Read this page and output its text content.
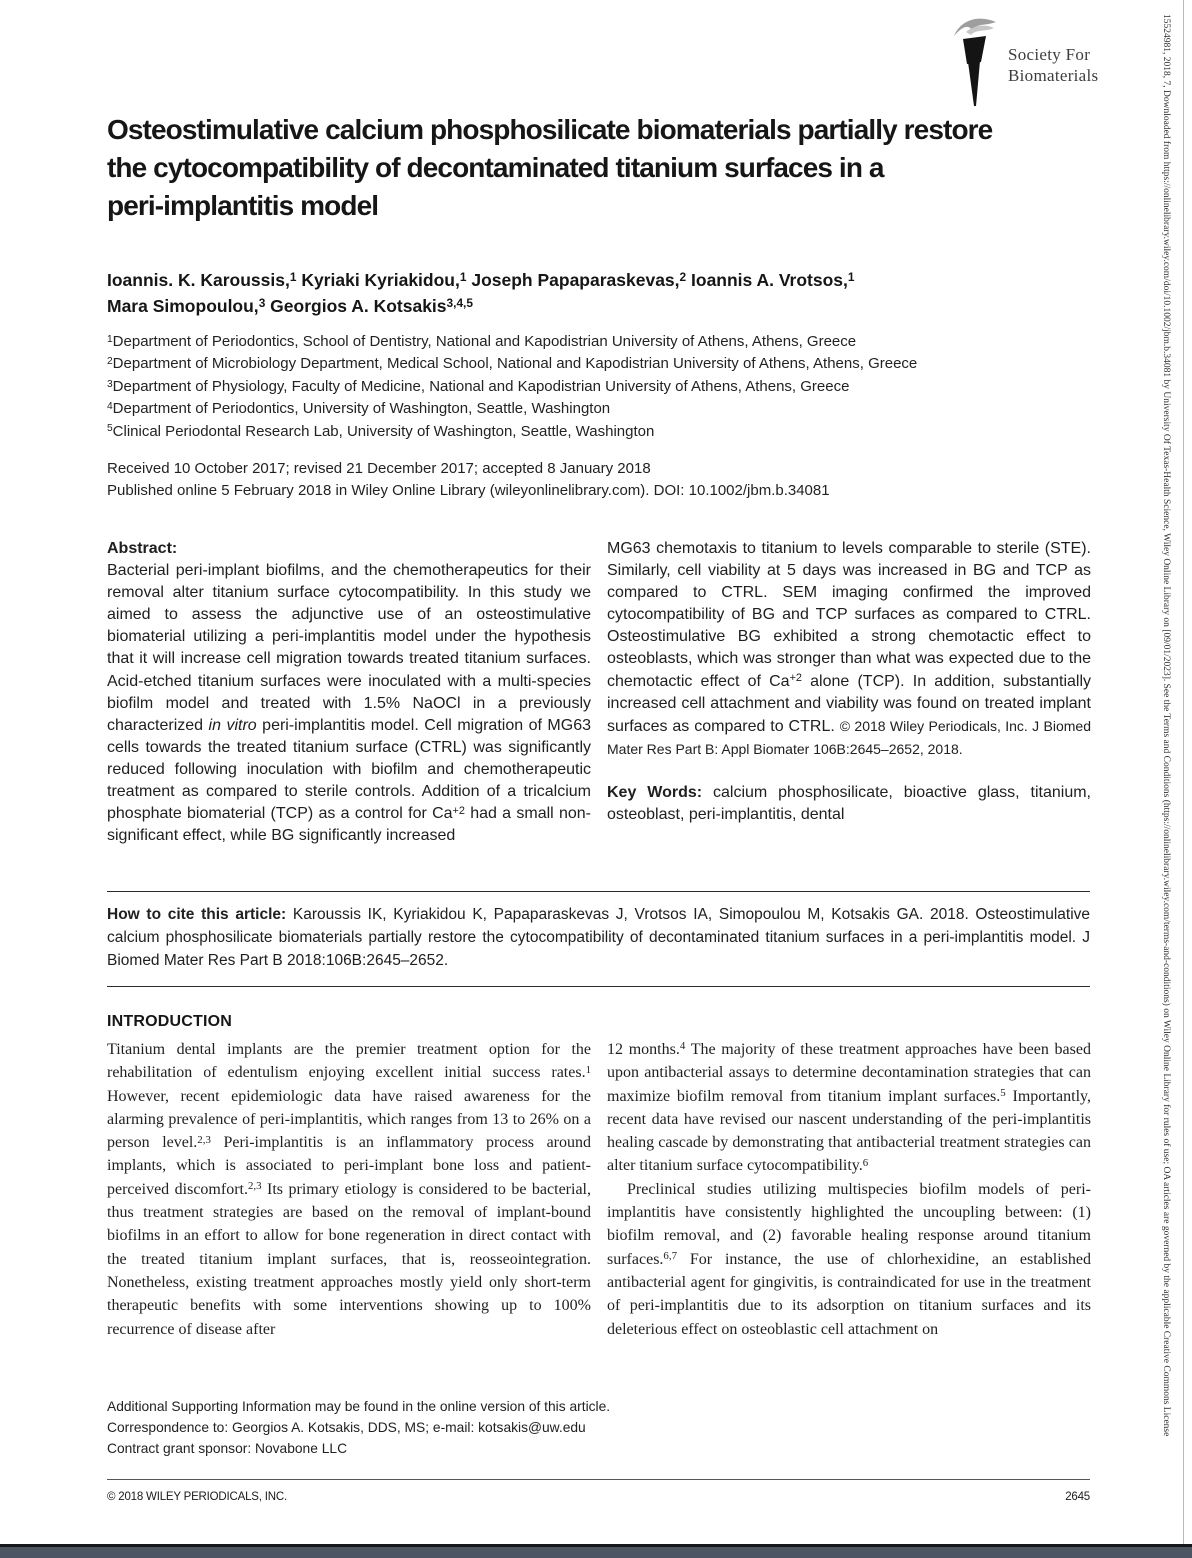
Society For
Biomaterials
Osteostimulative calcium phosphosilicate biomaterials partially restore
the cytocompatibility of decontaminated titanium surfaces in a
peri-implantitis model
Ioannis. K. Karoussis,$^1$ Kyriaki Kyriakidou,$^1$ Joseph Papaparaskevas,$^2$ Ioannis A. Vrotsos,$^1$
Mara Simopoulou,$^3$ Georgios A. Kotsakis$^{3,4,5}$
$^1$Department of Periodontics, School of Dentistry, National and Kapodistrian University of Athens, Athens, Greece
$^2$Department of Microbiology Department, Medical School, National and Kapodistrian University of Athens, Athens, Greece
$^3$Department of Physiology, Faculty of Medicine, National and Kapodistrian University of Athens, Athens, Greece
$^4$Department of Periodontics, University of Washington, Seattle, Washington
$^5$Clinical Periodontal Research Lab, University of Washington, Seattle, Washington
Received 10 October 2017; revised 21 December 2017; accepted 8 January 2018
Published online 5 February 2018 in Wiley Online Library (wileyonlinelibrary.com). DOI: 10.1002/jbm.b.34081
Abstract:
Bacterial peri-implant biofilms, and the chemotherapeutics for their removal alter titanium surface cytocompatibility. In this study we aimed to assess the adjunctive use of an osteostimulative biomaterial utilizing a peri-implantitis model under the hypothesis that it will increase cell migration towards treated titanium surfaces. Acid-etched titanium surfaces were inoculated with a multi-species biofilm model and treated with 1.5% NaOCl in a previously characterized in vitro peri-implantitis model. Cell migration of MG63 cells towards the treated titanium surface (CTRL) was significantly reduced following inoculation with biofilm and chemotherapeutic treatment as compared to sterile controls. Addition of a tricalcium phosphate biomaterial (TCP) as a control for $Ca^{+2}$ had a small non-significant effect, while BG significantly increased
MG63 chemotaxis to titanium to levels comparable to sterile (STE). Similarly, cell viability at 5 days was increased in BG and TCP as compared to CTRL. SEM imaging confirmed the improved cytocompatibility of BG and TCP surfaces as compared to CTRL. Osteostimulative BG exhibited a strong chemotactic effect to osteoblasts, which was stronger than what was expected due to the chemotactic effect of $Ca^{+2}$ alone (TCP). In addition, substantially increased cell attachment and viability was found on treated implant surfaces as compared to CTRL. © 2018 Wiley Periodicals, Inc. J Biomed Mater Res Part B: Appl Biomater 106B:2645–2652, 2018.
Key Words: calcium phosphosilicate, bioactive glass, titanium, osteoblast, peri-implantitis, dental
How to cite this article: Karoussis IK, Kyriakidou K, Papaparaskevas J, Vrotsos IA, Simopoulou M, Kotsakis GA. 2018. Osteostimulative calcium phosphosilicate biomaterials partially restore the cytocompatibility of decontaminated titanium surfaces in a peri-implantitis model. J Biomed Mater Res Part B 2018:106B:2645–2652.
INTRODUCTION

Titanium dental implants are the premier treatment option for the rehabilitation of edentulism enjoying excellent initial success rates.$^1$ However, recent epidemiologic data have raised awareness for the alarming prevalence of peri-implantitis, which ranges from 13 to 26% on a person level.$^{2,3}$ Peri-implantitis is an inflammatory process around implants, which is associated to peri-implant bone loss and patient-perceived discomfort.$^{2,3}$ Its primary etiology is considered to be bacterial, thus treatment strategies are based on the removal of implant-bound biofilms in an effort to allow for bone regeneration in direct contact with the treated titanium implant surfaces, that is, reosseointegration. Nonetheless, existing treatment approaches mostly yield only short-term therapeutic benefits with some interventions showing up to 100% recurrence of disease after

12 months.$^4$ The majority of these treatment approaches have been based upon antibacterial assays to determine decontamination strategies that can maximize biofilm removal from titanium implant surfaces.$^5$ Importantly, recent data have revised our nascent understanding of the peri-implantitis healing cascade by demonstrating that antibacterial treatment strategies can alter titanium surface cytocompatibility.$^6$

Preclinical studies utilizing multispecies biofilm models of peri-implantitis have consistently highlighted the uncoupling between: (1) biofilm removal, and (2) favorable healing response around titanium surfaces.$^{6,7}$ For instance, the use of chlorhexidine, an established antibacterial agent for gingivitis, is contraindicated for use in the treatment of peri-implantitis due to its adsorption on titanium surfaces and its deleterious effect on osteoblastic cell attachment on

Additional Supporting Information may be found in the online version of this article.
Correspondence to: Georgios A. Kotsakis, DDS, MS; e-mail: kotsakis@uw.edu
Contract grant sponsor: Novabone LLC
© 2018 WILEY PERIODICALS, INC.	2645
15524981, 2018, 7, Downloaded from https://onlinelibrary.wiley.com/doi/10.1002/jbm.b.34081 by University Of Texas-Health Science, Wiley Online Library on [09/01/2023]. See the Terms and Conditions (https://onlinelibrary.wiley.com/terms-and-conditions) on Wiley Online Library for rules of use; OA articles are governed by the applicable Creative Commons License
